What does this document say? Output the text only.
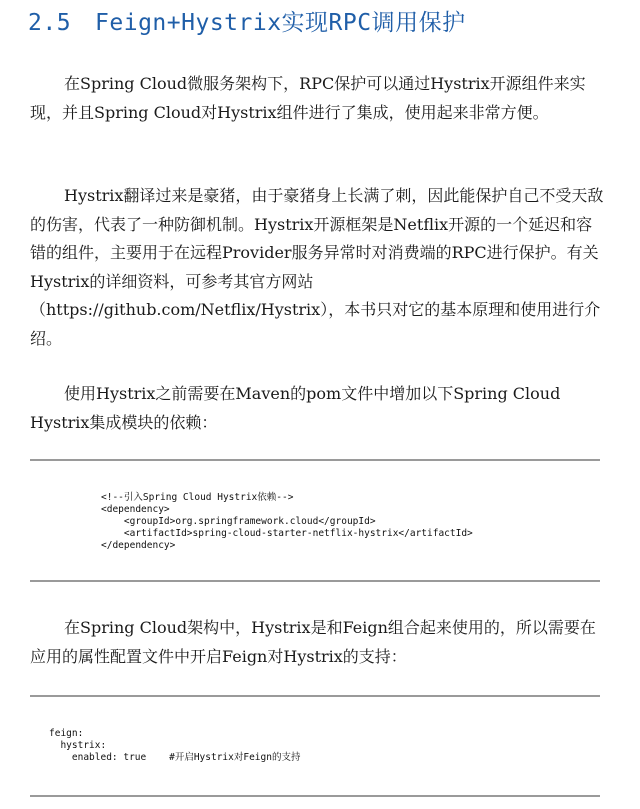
2.5 Feign+Hystrix实现RPC调用保护

在Spring Cloud微服务架构下，RPC保护可以通过Hystrix开源组件来实现，并且Spring Cloud对Hystrix组件进行了集成，使用起来非常方便。

Hystrix翻译过来是豪猪，由于豪猪身上长满了刺，因此能保护自己不受天敌的伤害，代表了一种防御机制。Hystrix开源框架是Netflix开源的一个延迟和容错的组件，主要用于在远程Provider服务异常时对消费端的RPC进行保护。有关Hystrix的详细资料，可参考其官方网站（https://github.com/Netflix/Hystrix），本书只对它的基本原理和使用进行介绍。

使用Hystrix之前需要在Maven的pom文件中增加以下Spring Cloud Hystrix集成模块的依赖：

<!--引入Spring Cloud Hystrix依赖-->
<dependency>
<groupId>org.springframework.cloud</groupId>
<artifactId>spring-cloud-starter-netflix-hystrix</artifactId>
</dependency>

在Spring Cloud架构中，Hystrix是和Feign组合起来使用的，所以需要在应用的属性配置文件中开启Feign对Hystrix的支持：

feign:
hystrix:
enabled: true    #开启Hystrix对Feign的支持
